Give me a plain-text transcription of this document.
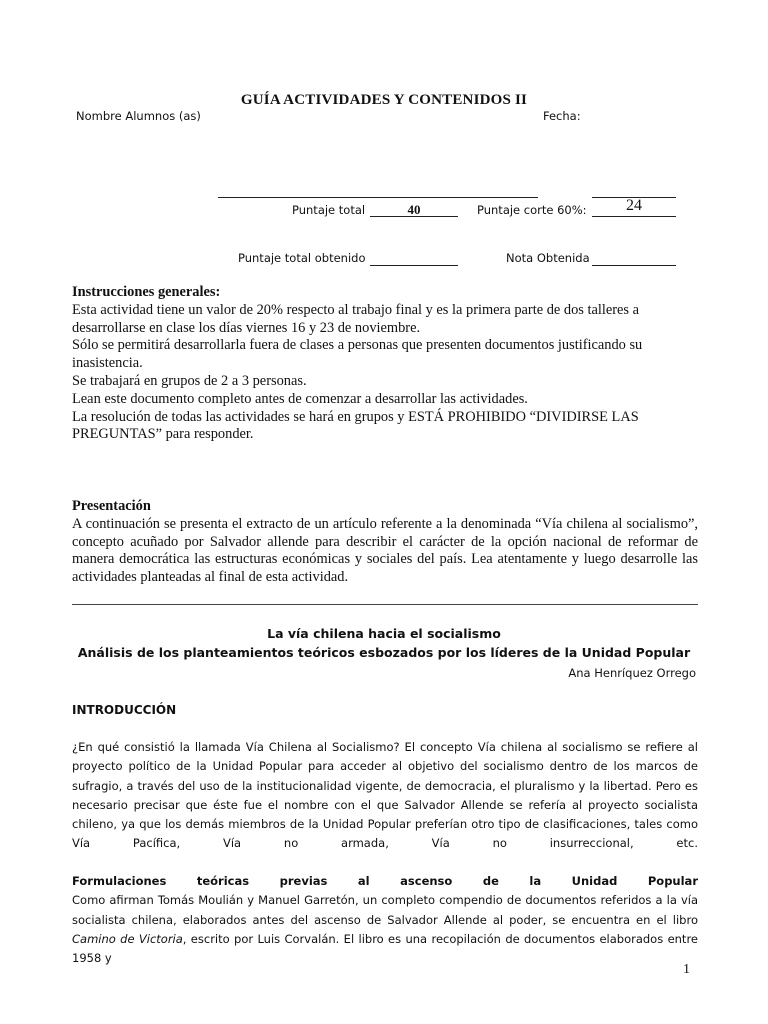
GUÍA ACTIVIDADES Y CONTENIDOS II
Nombre Alumnos (as)	Fecha:
Puntaje total	40	Puntaje corte 60%:	24
Puntaje total obtenido	Nota Obtenida

Instrucciones generales:

Esta actividad tiene un valor de 20% respecto al trabajo final y es la primera parte de dos talleres a desarrollarse en clase los días viernes 16 y 23 de noviembre.

Sólo se permitirá desarrollarla fuera de clases a personas que presenten documentos justificando su inasistencia.

Se trabajará en grupos de 2 a 3 personas.

Lean este documento completo antes de comenzar a desarrollar las actividades.

La resolución de todas las actividades se hará en grupos y ESTÁ PROHIBIDO “DIVIDIRSE LAS PREGUNTAS” para responder.

Presentación

A continuación se presenta el extracto de un artículo referente a la denominada “Vía chilena al socialismo”, concepto acuñado por Salvador allende para describir el carácter de la opción nacional de reformar de manera democrática las estructuras económicas y sociales del país. Lea atentamente y luego desarrolle las actividades planteadas al final de esta actividad.

La vía chilena hacia el socialismo
Análisis de los planteamientos teóricos esbozados por los líderes de la Unidad Popular
Ana Henríquez Orrego
INTRODUCCIÓN

¿En qué consistió la llamada Vía Chilena al Socialismo? El concepto Vía chilena al socialismo se refiere al proyecto político de la Unidad Popular para acceder al objetivo del socialismo dentro de los marcos de sufragio, a través del uso de la institucionalidad vigente, de democracia, el pluralismo y la libertad. Pero es necesario precisar que éste fue el nombre con el que Salvador Allende se refería al proyecto socialista chileno, ya que los demás miembros de la Unidad Popular preferían otro tipo de clasificaciones, tales como Vía Pacífica, Vía no armada, Vía no insurreccional, etc.

Formulaciones teóricas previas al ascenso de la Unidad Popular

Como afirman Tomás Moulián y Manuel Garretón, un completo compendio de documentos referidos a la vía socialista chilena, elaborados antes del ascenso de Salvador Allende al poder, se encuentra en el libro Camino de Victoria, escrito por Luis Corvalán. El libro es una recopilación de documentos elaborados entre 1958 y

1
